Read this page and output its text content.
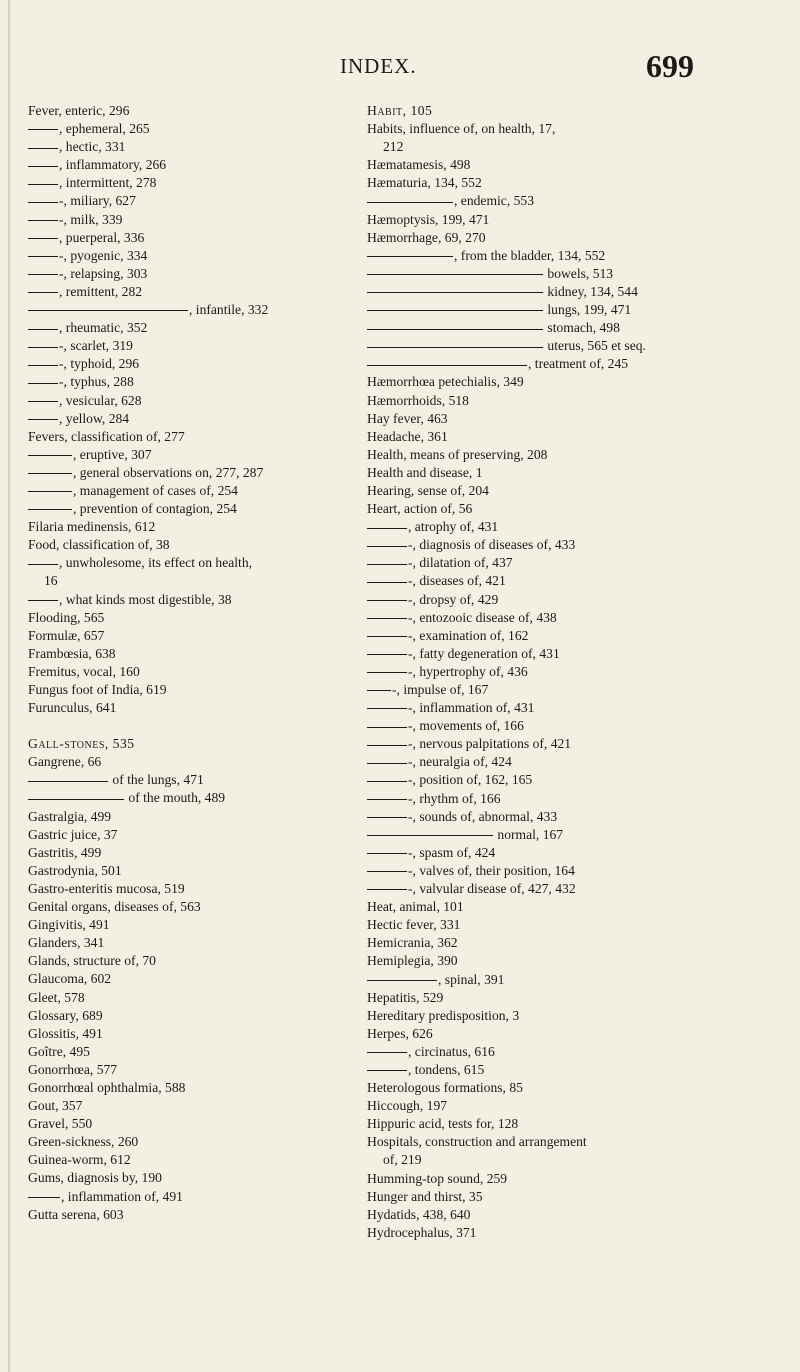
INDEX.	699
Fever, enteric, 296
, ephemeral, 265
, hectic, 331
, inflammatory, 266
, intermittent, 278
-, miliary, 627
-, milk, 339
, puerperal, 336
-, pyogenic, 334
-, relapsing, 303
, remittent, 282
, infantile, 332
, rheumatic, 352
-, scarlet, 319
-, typhoid, 296
-, typhus, 288
, vesicular, 628
, yellow, 284
Fevers, classification of, 277
, eruptive, 307
, general observations on, 277, 287
, management of cases of, 254
, prevention of contagion, 254
Filaria medinensis, 612
Food, classification of, 38
, unwholesome, its effect on health,
16
, what kinds most digestible, 38
Flooding, 565
Formulæ, 657
Frambœsia, 638
Fremitus, vocal, 160
Fungus foot of India, 619
Furunculus, 641
Gall-stones, 535
Gangrene, 66
of the lungs, 471
of the mouth, 489
Gastralgia, 499
Gastric juice, 37
Gastritis, 499
Gastrodynia, 501
Gastro-enteritis mucosa, 519
Genital organs, diseases of, 563
Gingivitis, 491
Glanders, 341
Glands, structure of, 70
Glaucoma, 602
Gleet, 578
Glossary, 689
Glossitis, 491
Goître, 495
Gonorrhœa, 577
Gonorrhœal ophthalmia, 588
Gout, 357
Gravel, 550
Green-sickness, 260
Guinea-worm, 612
Gums, diagnosis by, 190
, inflammation of, 491
Gutta serena, 603
Habit, 105
Habits, influence of, on health, 17,
212
Hæmatamesis, 498
Hæmaturia, 134, 552
, endemic, 553
Hæmoptysis, 199, 471
Hæmorrhage, 69, 270
, from the bladder, 134, 552
bowels, 513
kidney, 134, 544
lungs, 199, 471
stomach, 498
uterus, 565 et seq.
, treatment of, 245
Hæmorrhœa petechialis, 349
Hæmorrhoids, 518
Hay fever, 463
Headache, 361
Health, means of preserving, 208
Health and disease, 1
Hearing, sense of, 204
Heart, action of, 56
, atrophy of, 431
-, diagnosis of diseases of, 433
-, dilatation of, 437
-, diseases of, 421
-, dropsy of, 429
-, entozooic disease of, 438
-, examination of, 162
-, fatty degeneration of, 431
-, hypertrophy of, 436
-, impulse of, 167
-, inflammation of, 431
-, movements of, 166
-, nervous palpitations of, 421
-, neuralgia of, 424
-, position of, 162, 165
-, rhythm of, 166
-, sounds of, abnormal, 433
normal, 167
-, spasm of, 424
-, valves of, their position, 164
-, valvular disease of, 427, 432
Heat, animal, 101
Hectic fever, 331
Hemicrania, 362
Hemiplegia, 390
, spinal, 391
Hepatitis, 529
Hereditary predisposition, 3
Herpes, 626
, circinatus, 616
, tondens, 615
Heterologous formations, 85
Hiccough, 197
Hippuric acid, tests for, 128
Hospitals, construction and arrangement
of, 219
Humming-top sound, 259
Hunger and thirst, 35
Hydatids, 438, 640
Hydrocephalus, 371
